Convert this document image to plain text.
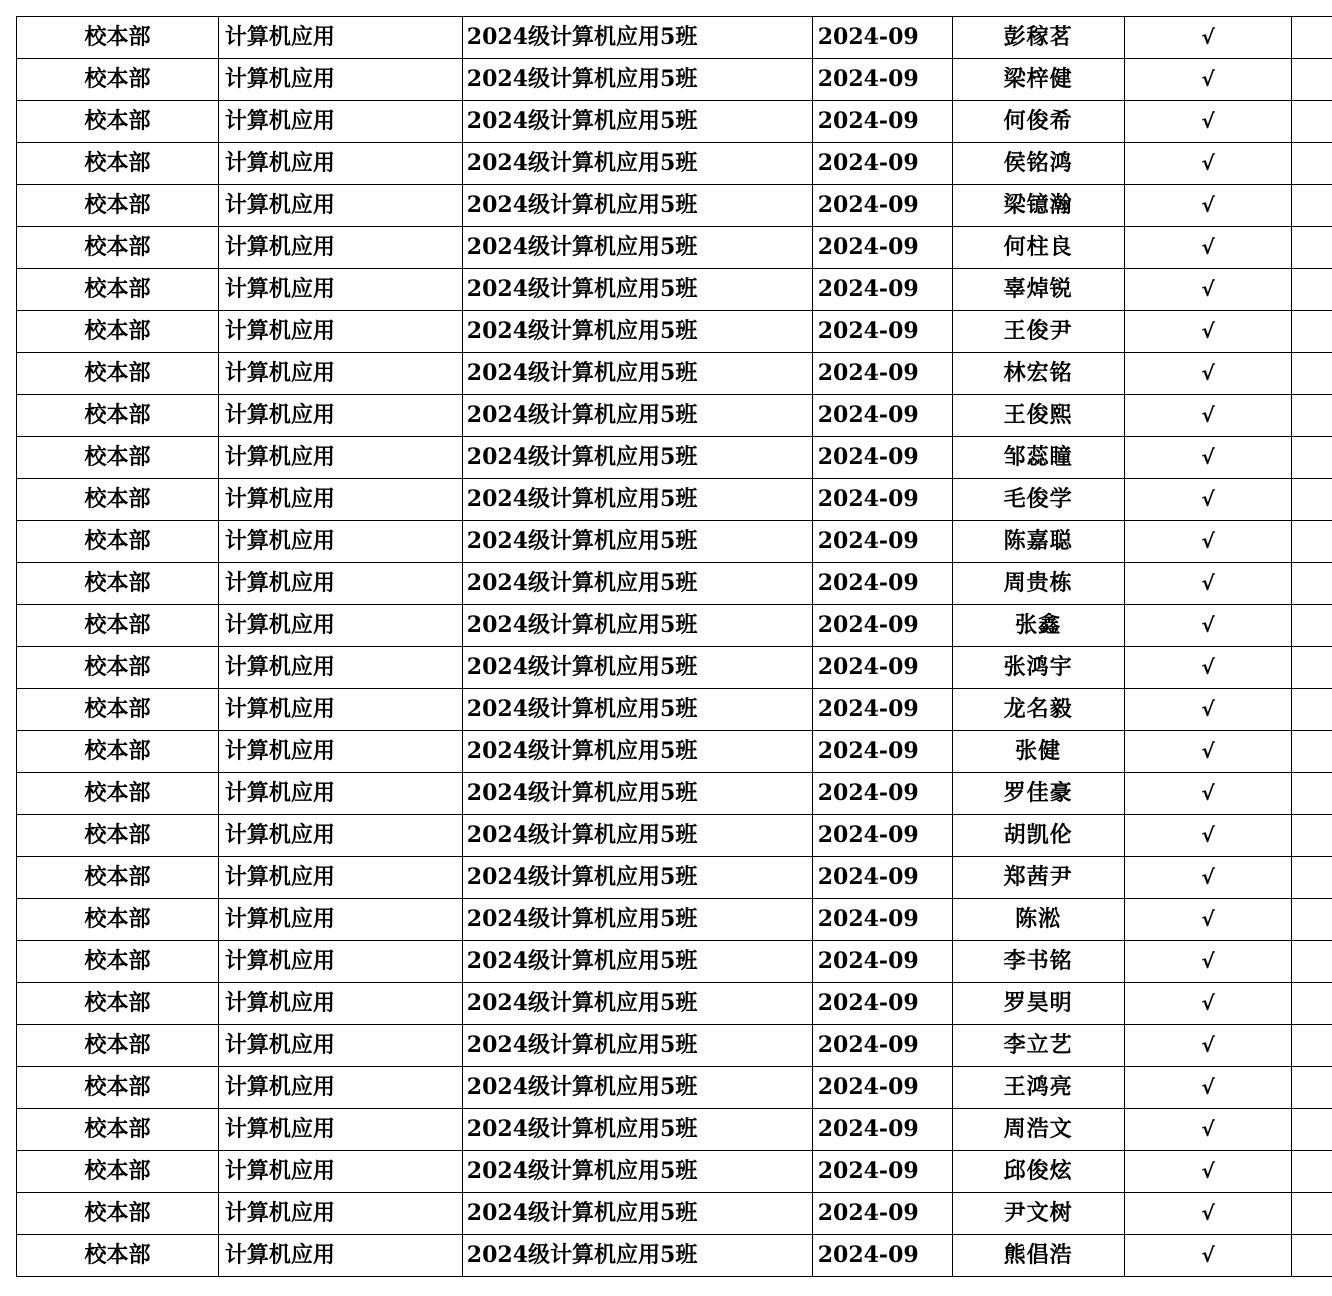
校本部	计算机应用	2024级计算机应用5班	2024-09	彭稼茗	√	
校本部	计算机应用	2024级计算机应用5班	2024-09	梁梓健	√	
校本部	计算机应用	2024级计算机应用5班	2024-09	何俊希	√	
校本部	计算机应用	2024级计算机应用5班	2024-09	侯铭鸿	√	
校本部	计算机应用	2024级计算机应用5班	2024-09	梁镱瀚	√	
校本部	计算机应用	2024级计算机应用5班	2024-09	何柱良	√	
校本部	计算机应用	2024级计算机应用5班	2024-09	辜焯锐	√	
校本部	计算机应用	2024级计算机应用5班	2024-09	王俊尹	√	
校本部	计算机应用	2024级计算机应用5班	2024-09	林宏铭	√	
校本部	计算机应用	2024级计算机应用5班	2024-09	王俊熙	√	
校本部	计算机应用	2024级计算机应用5班	2024-09	邹蕊瞳	√	
校本部	计算机应用	2024级计算机应用5班	2024-09	毛俊学	√	
校本部	计算机应用	2024级计算机应用5班	2024-09	陈嘉聪	√	
校本部	计算机应用	2024级计算机应用5班	2024-09	周贵栋	√	
校本部	计算机应用	2024级计算机应用5班	2024-09	张鑫	√	
校本部	计算机应用	2024级计算机应用5班	2024-09	张鸿宇	√	
校本部	计算机应用	2024级计算机应用5班	2024-09	龙名毅	√	
校本部	计算机应用	2024级计算机应用5班	2024-09	张健	√	
校本部	计算机应用	2024级计算机应用5班	2024-09	罗佳豪	√	
校本部	计算机应用	2024级计算机应用5班	2024-09	胡凯伦	√	
校本部	计算机应用	2024级计算机应用5班	2024-09	郑茜尹	√	
校本部	计算机应用	2024级计算机应用5班	2024-09	陈淞	√	
校本部	计算机应用	2024级计算机应用5班	2024-09	李书铭	√	
校本部	计算机应用	2024级计算机应用5班	2024-09	罗昊明	√	
校本部	计算机应用	2024级计算机应用5班	2024-09	李立艺	√	
校本部	计算机应用	2024级计算机应用5班	2024-09	王鸿亮	√	
校本部	计算机应用	2024级计算机应用5班	2024-09	周浩文	√	
校本部	计算机应用	2024级计算机应用5班	2024-09	邱俊炫	√	
校本部	计算机应用	2024级计算机应用5班	2024-09	尹文树	√	
校本部	计算机应用	2024级计算机应用5班	2024-09	熊倡浩	√	
